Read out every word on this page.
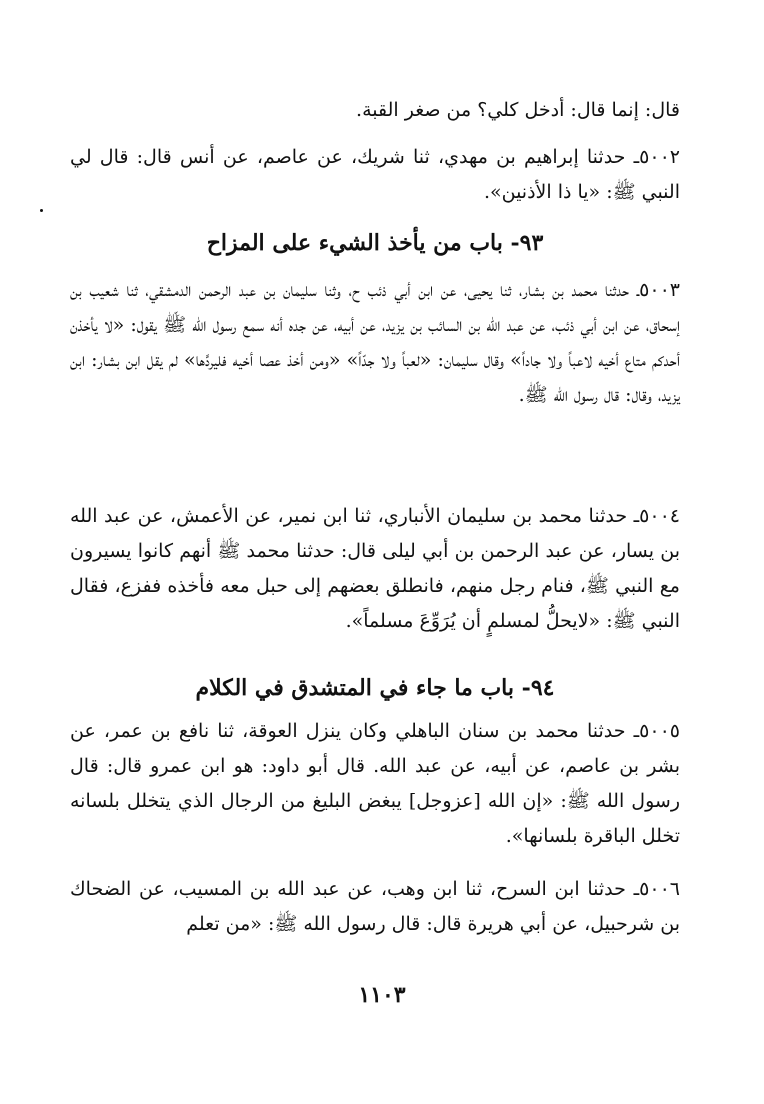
قال: إنما قال: أدخل كلي؟ من صغر القبة.
٥٠٠٢ـ حدثنا إبراهيم بن مهدي، ثنا شريك، عن عاصم، عن أنس قال: قال لي النبي ﷺ: «يا ذا الأذنين».
٩٣- باب من يأخذ الشيء على المزاح
٥٠٠٣ـ حدثنا محمد بن بشار، ثنا يحيى، عن ابن أبي ذئب ح، وثنا سليمان بن عبد الرحمن الدمشقي، ثنا شعيب بن إسحاق، عن ابن أبي ذئب، عن عبد الله بن السائب بن يزيد، عن أبيه، عن جده أنه سمع رسول الله ﷺ يقول: «لا يأخذن أحدكم متاع أخيه لاعباً ولا جاداً» وقال سليمان: «لعباً ولا جدّاً» «ومن أخذ عصا أخيه فليردَّها» لم يقل ابن بشار: ابن يزيد، وقال: قال رسول الله ﷺ.
٥٠٠٤ـ حدثنا محمد بن سليمان الأنباري، ثنا ابن نمير، عن الأعمش، عن عبد الله بن يسار، عن عبد الرحمن بن أبي ليلى قال: حدثنا محمد ﷺ أنهم كانوا يسيرون مع النبي ﷺ، فنام رجل منهم، فانطلق بعضهم إلى حبل معه فأخذه ففزع، فقال النبي ﷺ: «لايحلُّ لمسلمٍ أن يُرَوِّعَ مسلماً».
٩٤- باب ما جاء في المتشدق في الكلام
٥٠٠٥ـ حدثنا محمد بن سنان الباهلي وكان ينزل العوقة، ثنا نافع بن عمر، عن بشر بن عاصم، عن أبيه، عن عبد الله. قال أبو داود: هو ابن عمرو قال: قال رسول الله ﷺ: «إن الله [عزوجل] يبغض البليغ من الرجال الذي يتخلل بلسانه تخلل الباقرة بلسانها».
٥٠٠٦ـ حدثنا ابن السرح، ثنا ابن وهب، عن عبد الله بن المسيب، عن الضحاك بن شرحبيل، عن أبي هريرة قال: قال رسول الله ﷺ: «من تعلم
١١٠٣
